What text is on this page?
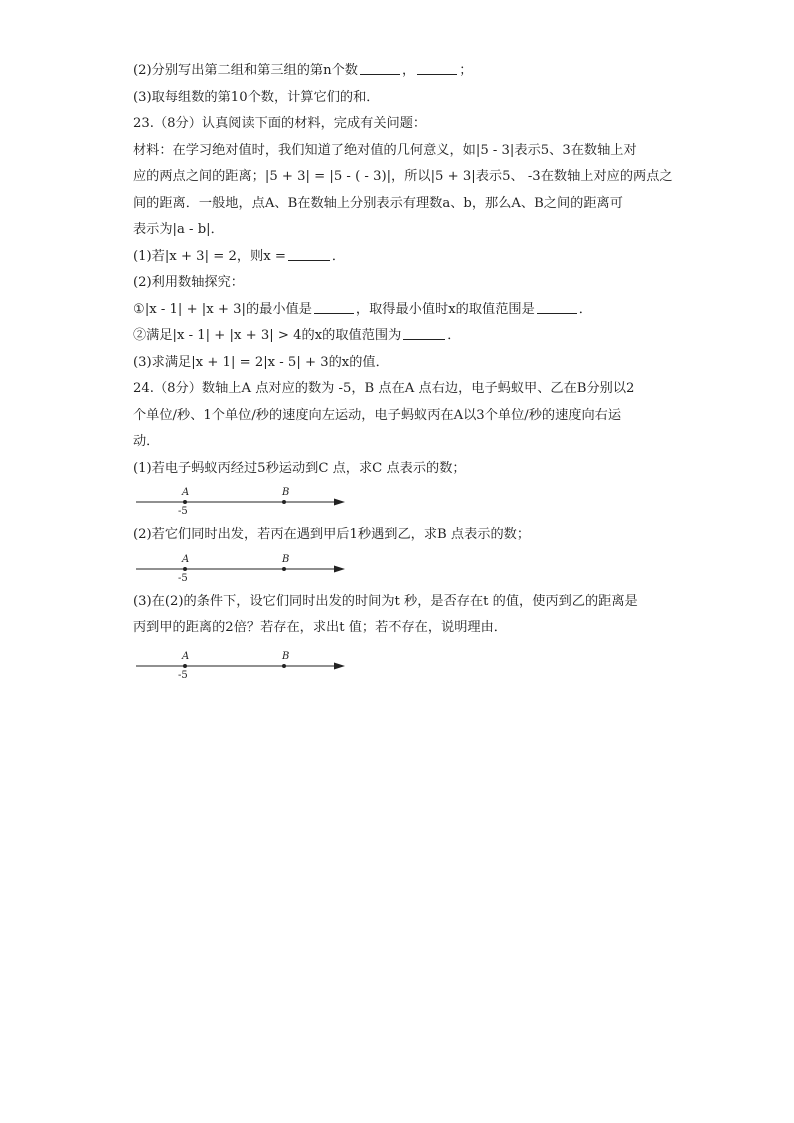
(2)分别写出第二组和第三组的第n个数	，	；
(3)取每组数的第10个数，计算它们的和．
23.（8分）认真阅读下面的材料，完成有关问题：
材料：在学习绝对值时，我们知道了绝对值的几何意义，如|5 - 3|表示5、3在数轴上对
应的两点之间的距离；|5 + 3| = |5 - ( - 3)|，所以|5 + 3|表示5、 -3在数轴上对应的两点之
间的距离．一般地，点A、B在数轴上分别表示有理数a、b，那么A、B之间的距离可
表示为|a - b|．
(1)若|x + 3| = 2，则x =	．
(2)利用数轴探究：
①|x - 1| + |x + 3|的最小值是	，取得最小值时x的取值范围是	．
②满足|x - 1| + |x + 3| > 4的x的取值范围为	．
(3)求满足|x + 1| = 2|x - 5| + 3的x的值．
24.（8分）数轴上A 点对应的数为 -5，B 点在A 点右边，电子蚂蚁甲、乙在B分别以2
个单位/秒、1个单位/秒的速度向左运动，电子蚂蚁丙在A以3个单位/秒的速度向右运
动．
(1)若电子蚂蚁丙经过5秒运动到C 点，求C 点表示的数；
A	B
-5
(2)若它们同时出发，若丙在遇到甲后1秒遇到乙，求B 点表示的数；
A	B
-5
(3)在(2)的条件下，设它们同时出发的时间为t 秒，是否存在t 的值，使丙到乙的距离是
丙到甲的距离的2倍？若存在，求出t 值；若不存在，说明理由．
A	B
-5
